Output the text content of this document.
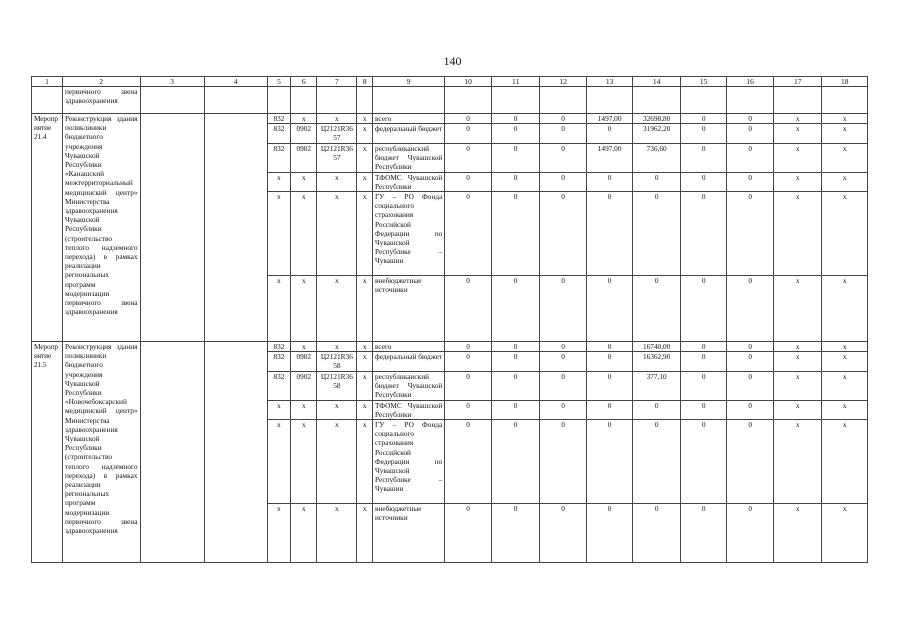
140
1	2	3	4	5	6	7	8	9	10	11	12	13	14	15	16	17	18
	первичного звена здравоохранения																
Мероприятие 21.4	Реконструкция здания поликлиники бюджетного учреждения Чувашской Республики «Канашский межтерриториальный медицинский центр» Министерства здравоохранения Чувашской Республики (строительство теплого надземного перехода) в рамках реализации региональных программ модернизации первичного звена здравоохранения			832	x	x	x	всего	0	0	0	1497,00	32698,80	0	0	x	x
				832	0902	Ц2121R3657	x	федеральный бюджет	0	0	0	0	31962,20	0	0	x	x
				832	0902	Ц2121R3657	x	республиканский бюджет Чувашской Республики	0	0	0	1497,00	736,60	0	0	x	x
				x	x	x	x	ТФОМС Чувашской Республики	0	0	0	0	0	0	0	x	x
				x	x	x	x	ГУ – РО Фонда социального страхования Российской Федерации по Чувашской Республике – Чувашии	0	0	0	0	0	0	0	x	x
				x	x	x	x	внебюджетные источники	0	0	0	0	0	0	0	x	x
Мероприятие 21.5	Реконструкция здания поликлиники бюджетного учреждения Чувашской Республики «Новочебоксарский медицинский центр» Министерства здравоохранения Чувашской Республики (строительство теплого надземного перехода) в рамках реализации региональных программ модернизации первичного звена здравоохранения			832	x	x	x	всего	0	0	0	0	16740,00	0	0	x	x
				832	0902	Ц2121R3658	x	федеральный бюджет	0	0	0	0	16362,90	0	0	x	x
				832	0902	Ц2121R3658	x	республиканский бюджет Чувашской Республики	0	0	0	0	377,10	0	0	x	x
				x	x	x	x	ТФОМС Чувашской Республики	0	0	0	0	0	0	0	x	x
				x	x	x	x	ГУ – РО Фонда социального страхования Российской Федерации по Чувашской Республике – Чувашии	0	0	0	0	0	0	0	x	x
				x	x	x	x	внебюджетные источники	0	0	0	0	0	0	0	x	x
